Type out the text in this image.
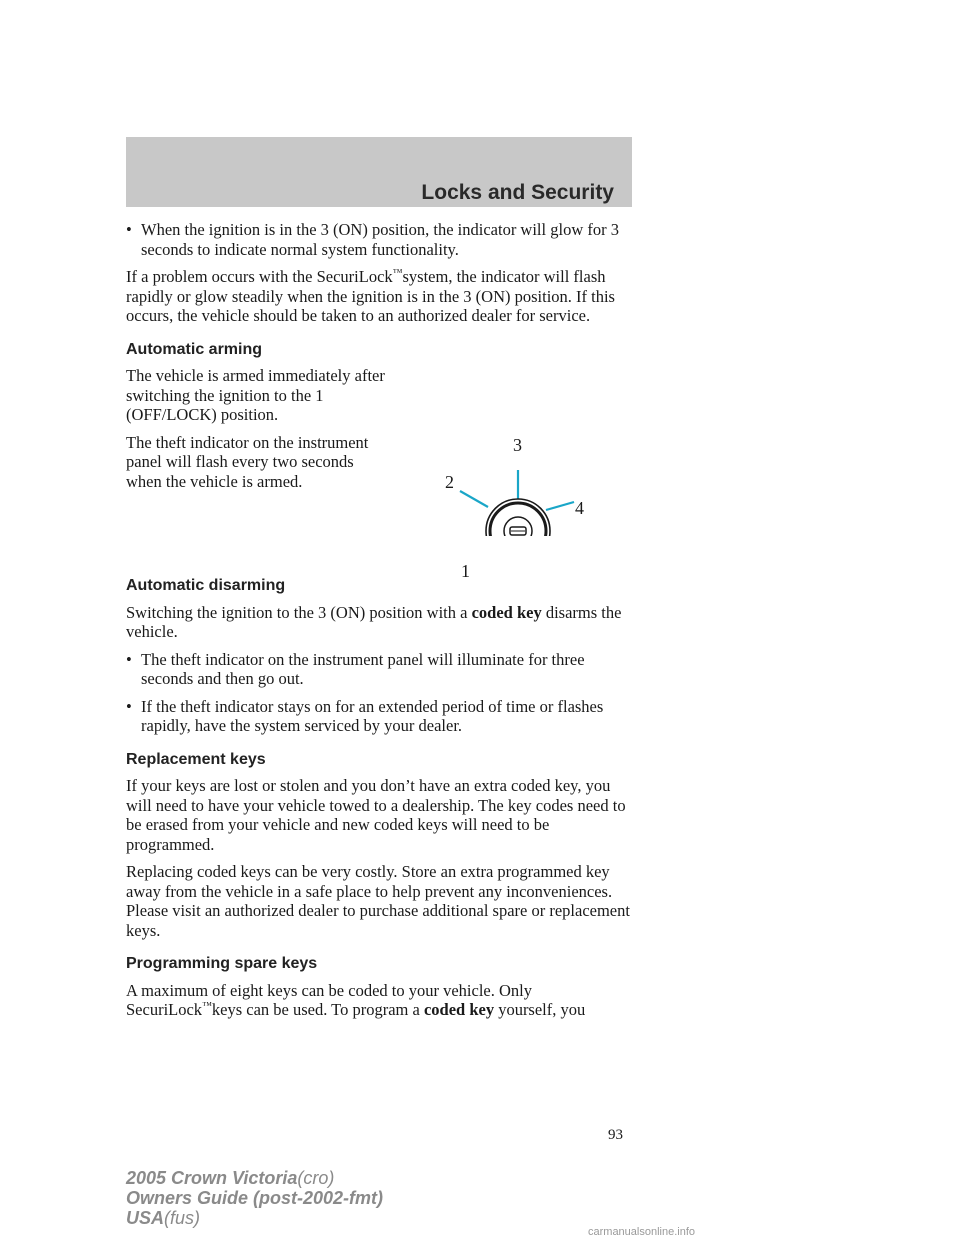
Locks and Security
• When the ignition is in the 3 (ON) position, the indicator will glow for 3 seconds to indicate normal system functionality.

If a problem occurs with the SecuriLock™system, the indicator will flash rapidly or glow steadily when the ignition is in the 3 (ON) position. If this occurs, the vehicle should be taken to an authorized dealer for service.

Automatic arming

The vehicle is armed immediately after switching the ignition to the 1 (OFF/LOCK) position.

The theft indicator on the instrument panel will flash every two seconds when the vehicle is armed.	2
3
4
1
Automatic disarming

Switching the ignition to the 3 (ON) position with a coded key disarms the vehicle.

• The theft indicator on the instrument panel will illuminate for three seconds and then go out.
• If the theft indicator stays on for an extended period of time or flashes rapidly, have the system serviced by your dealer.
Replacement keys

If your keys are lost or stolen and you don’t have an extra coded key, you will need to have your vehicle towed to a dealership. The key codes need to be erased from your vehicle and new coded keys will need to be programmed.

Replacing coded keys can be very costly. Store an extra programmed key away from the vehicle in a safe place to help prevent any inconveniences. Please visit an authorized dealer to purchase additional spare or replacement keys.

Programming spare keys

A maximum of eight keys can be coded to your vehicle. Only
SecuriLock™keys can be used. To program a coded key yourself, you

93
2005 Crown Victoria(cro)
Owners Guide (post-2002-fmt)
USA(fus)
carmanualsonline.info
